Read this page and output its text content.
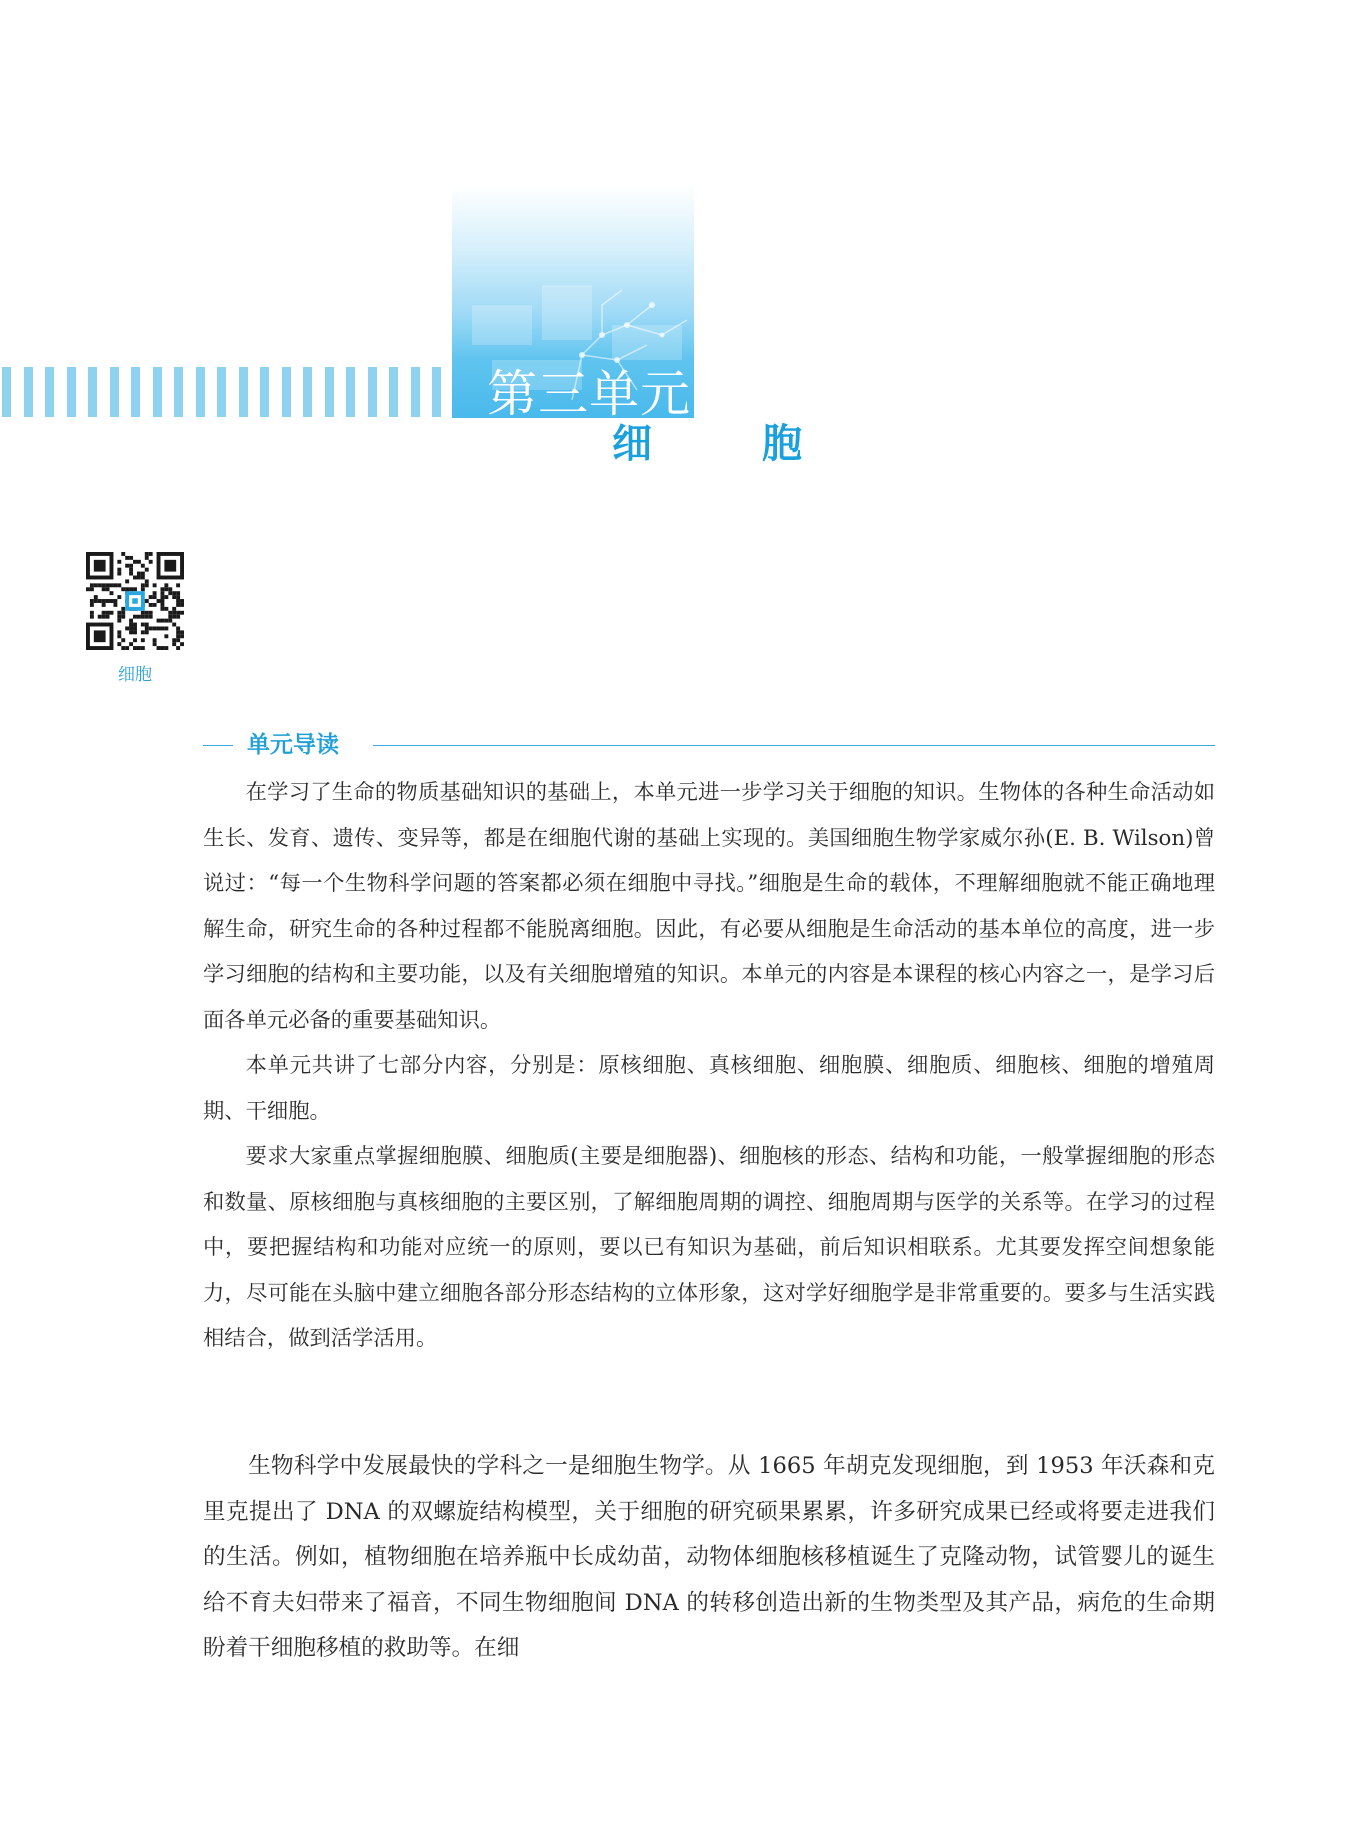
第三单元
细	胞
细胞
单元导读

在学习了生命的物质基础知识的基础上，本单元进一步学习关于细胞的知识。生物体的各种生命活动如生长、发育、遗传、变异等，都是在细胞代谢的基础上实现的。美国细胞生物学家威尔孙(E. B. Wilson)曾说过：“每一个生物科学问题的答案都必须在细胞中寻找。”细胞是生命的载体，不理解细胞就不能正确地理解生命，研究生命的各种过程都不能脱离细胞。因此，有必要从细胞是生命活动的基本单位的高度，进一步学习细胞的结构和主要功能，以及有关细胞增殖的知识。本单元的内容是本课程的核心内容之一，是学习后面各单元必备的重要基础知识。

本单元共讲了七部分内容，分别是：原核细胞、真核细胞、细胞膜、细胞质、细胞核、细胞的增殖周期、干细胞。

要求大家重点掌握细胞膜、细胞质(主要是细胞器)、细胞核的形态、结构和功能，一般掌握细胞的形态和数量、原核细胞与真核细胞的主要区别，了解细胞周期的调控、细胞周期与医学的关系等。在学习的过程中，要把握结构和功能对应统一的原则，要以已有知识为基础，前后知识相联系。尤其要发挥空间想象能力，尽可能在头脑中建立细胞各部分形态结构的立体形象，这对学好细胞学是非常重要的。要多与生活实践相结合，做到活学活用。

生物科学中发展最快的学科之一是细胞生物学。从 1665 年胡克发现细胞，到 1953 年沃森和克里克提出了 DNA 的双螺旋结构模型，关于细胞的研究硕果累累，许多研究成果已经或将要走进我们的生活。例如，植物细胞在培养瓶中长成幼苗，动物体细胞核移植诞生了克隆动物，试管婴儿的诞生给不育夫妇带来了福音，不同生物细胞间 DNA 的转移创造出新的生物类型及其产品，病危的生命期盼着干细胞移植的救助等。在细
